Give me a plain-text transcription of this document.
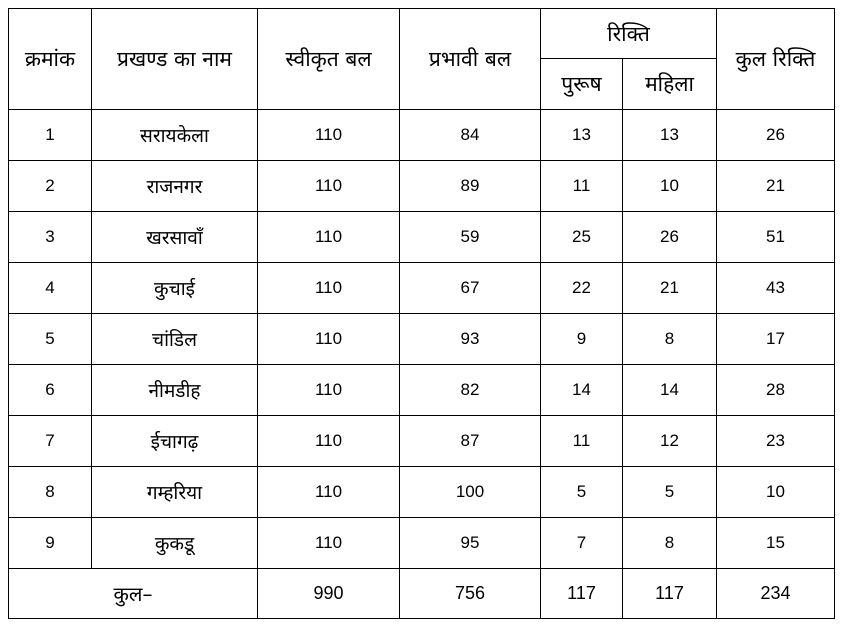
क्रमांक	प्रखण्ड का नाम	स्वीकृत बल	प्रभावी बल	रिक्ति		कुल रिक्ति
				पुरूष	महिला	
1	सरायकेला	110	84	13	13	26
2	राजनगर	110	89	11	10	21
3	खरसावाँ	110	59	25	26	51
4	कुचाई	110	67	22	21	43
5	चांडिल	110	93	9	8	17
6	नीमडीह	110	82	14	14	28
7	ईचागढ़	110	87	11	12	23
8	गम्हरिया	110	100	5	5	10
9	कुकडू	110	95	7	8	15
कुल–		990	756	117	117	234
